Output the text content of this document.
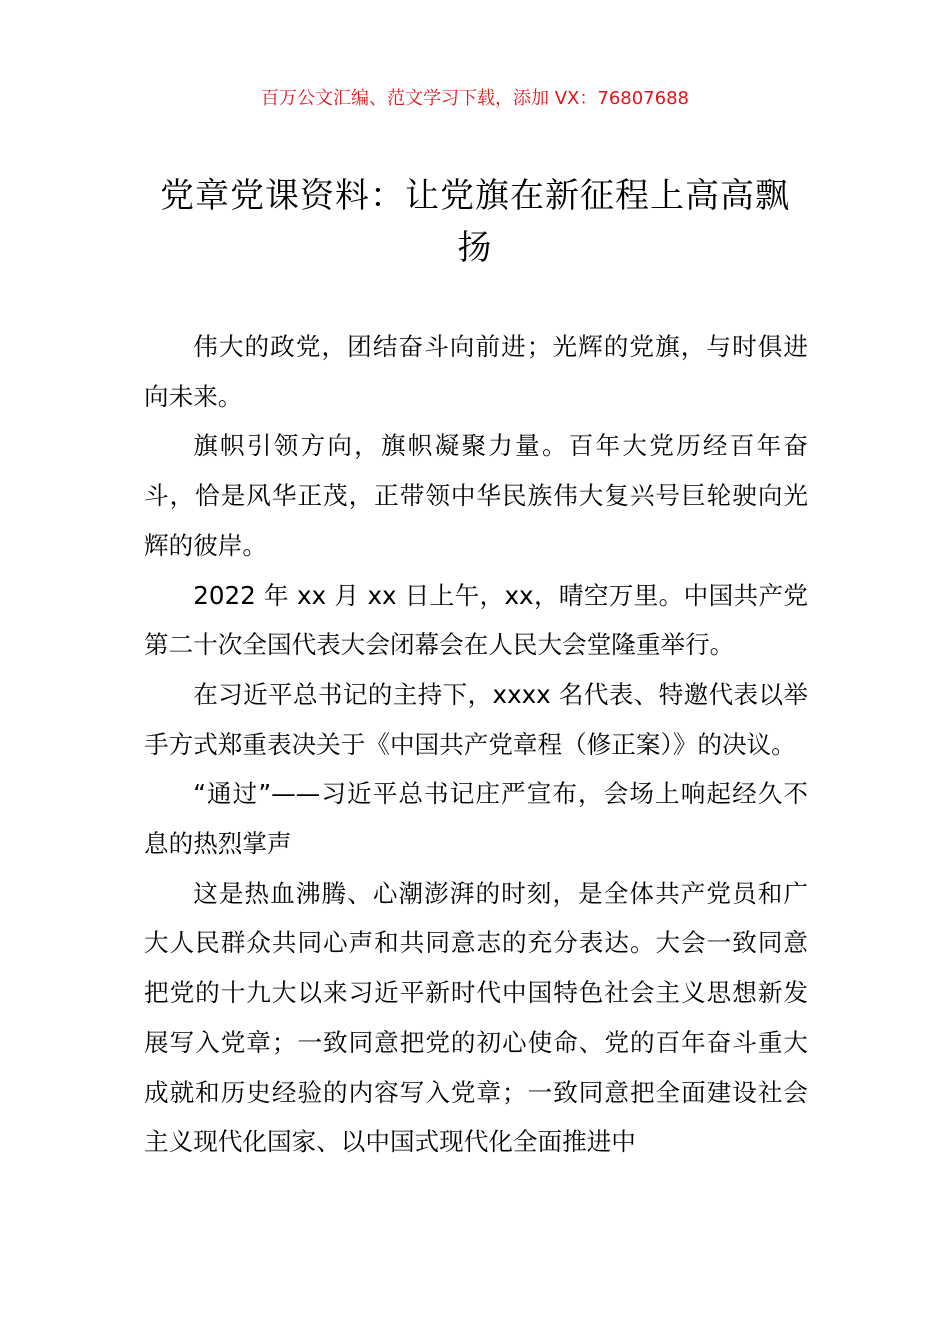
百万公文汇编、范文学习下载，添加 VX：76807688
党章党课资料：让党旗在新征程上高高飘
扬

伟大的政党，团结奋斗向前进；光辉的党旗，与时俱进向未来。

旗帜引领方向，旗帜凝聚力量。百年大党历经百年奋斗，恰是风华正茂，正带领中华民族伟大复兴号巨轮驶向光辉的彼岸。

2022 年 xx 月 xx 日上午，xx，晴空万里。中国共产党第二十次全国代表大会闭幕会在人民大会堂隆重举行。

在习近平总书记的主持下，xxxx 名代表、特邀代表以举手方式郑重表决关于《中国共产党章程（修正案）》的决议。

“通过”——习近平总书记庄严宣布，会场上响起经久不息的热烈掌声

这是热血沸腾、心潮澎湃的时刻，是全体共产党员和广大人民群众共同心声和共同意志的充分表达。大会一致同意把党的十九大以来习近平新时代中国特色社会主义思想新发展写入党章；一致同意把党的初心使命、党的百年奋斗重大成就和历史经验的内容写入党章；一致同意把全面建设社会主义现代化国家、以中国式现代化全面推进中
